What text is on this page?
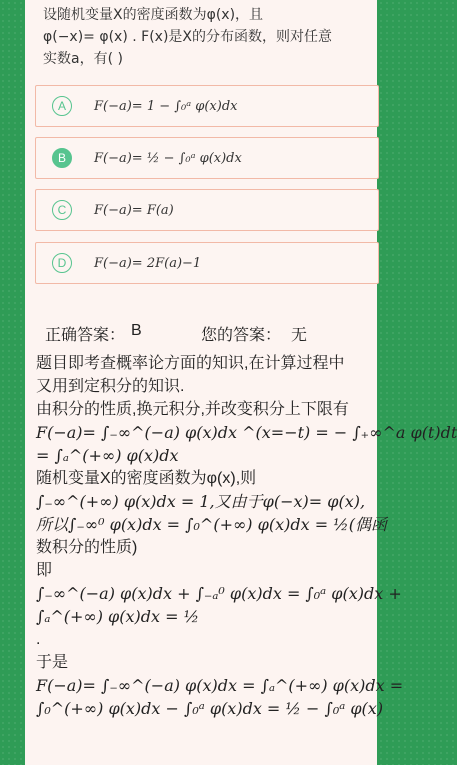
设随机变量X的密度函数为φ(x)，且
φ(−x)= φ(x) . F(x)是X的分布函数，则对任意
实数a，有( )
A	F(−a)= 1 − ∫₀ᵃ φ(x)dx
B	F(−a)= ½ − ∫₀ᵃ φ(x)dx
C	F(−a)= F(a)
D	F(−a)= 2F(a)−1
正确答案： B	您的答案： 无
题目即考查概率论方面的知识,在计算过程中
又用到定积分的知识.
由积分的性质,换元积分,并改变积分上下限有
F(−a)= ∫₋∞^(−a) φ(x)dx ^(x=−t) = − ∫₊∞^a φ(t)dt
= ∫ₐ^(+∞) φ(x)dx
随机变量X的密度函数为φ(x),则
∫₋∞^(+∞) φ(x)dx = 1,又由于φ(−x)= φ(x),
所以∫₋∞⁰ φ(x)dx = ∫₀^(+∞) φ(x)dx = ½(偶函
数积分的性质)
即
∫₋∞^(−a) φ(x)dx + ∫₋ₐ⁰ φ(x)dx = ∫₀ᵃ φ(x)dx +
∫ₐ^(+∞) φ(x)dx = ½
.
于是
F(−a)= ∫₋∞^(−a) φ(x)dx = ∫ₐ^(+∞) φ(x)dx =
∫₀^(+∞) φ(x)dx − ∫₀ᵃ φ(x)dx = ½ − ∫₀ᵃ φ(x)
